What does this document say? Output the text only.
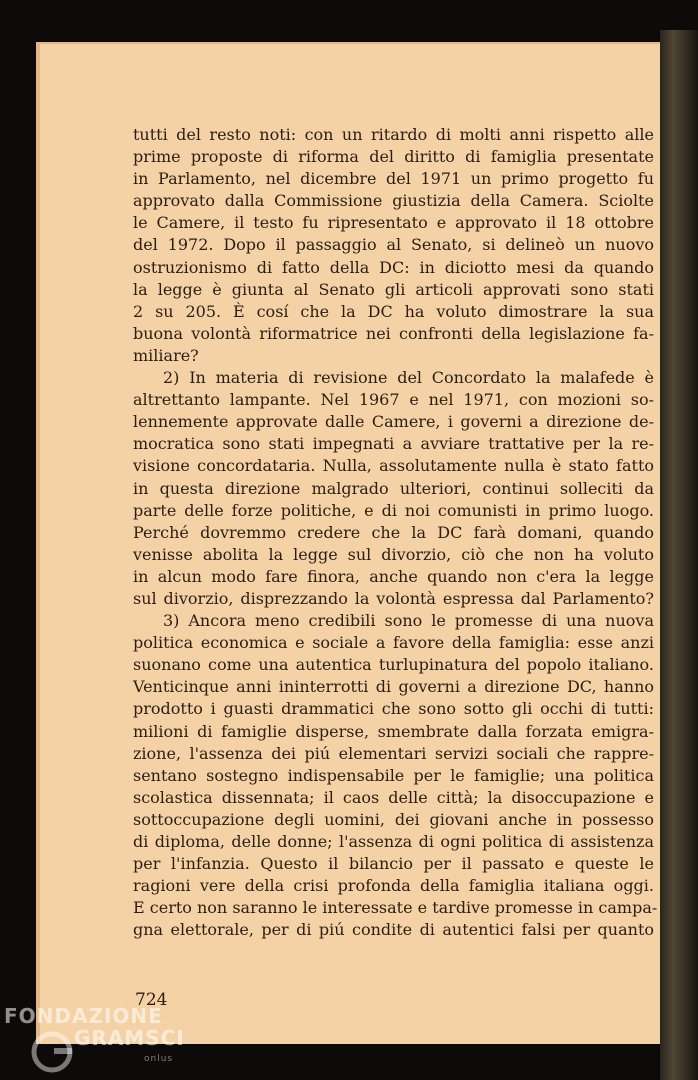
tutti del resto noti: con un ritardo di molti anni rispetto alle
prime proposte di riforma del diritto di famiglia presentate
in Parlamento, nel dicembre del 1971 un primo progetto fu
approvato dalla Commissione giustizia della Camera. Sciolte
le Camere, il testo fu ripresentato e approvato il 18 ottobre
del 1972. Dopo il passaggio al Senato, si delineò un nuovo
ostruzionismo di fatto della DC: in diciotto mesi da quando
la legge è giunta al Senato gli articoli approvati sono stati
2 su 205. È cosí che la DC ha voluto dimostrare la sua
buona volontà riformatrice nei confronti della legislazione fa-
miliare?

2) In materia di revisione del Concordato la malafede è
altrettanto lampante. Nel 1967 e nel 1971, con mozioni so-
lennemente approvate dalle Camere, i governi a direzione de-
mocratica sono stati impegnati a avviare trattative per la re-
visione concordataria. Nulla, assolutamente nulla è stato fatto
in questa direzione malgrado ulteriori, continui solleciti da
parte delle forze politiche, e di noi comunisti in primo luogo.
Perché dovremmo credere che la DC farà domani, quando
venisse abolita la legge sul divorzio, ciò che non ha voluto
in alcun modo fare finora, anche quando non c'era la legge
sul divorzio, disprezzando la volontà espressa dal Parlamento?

3) Ancora meno credibili sono le promesse di una nuova
politica economica e sociale a favore della famiglia: esse anzi
suonano come una autentica turlupinatura del popolo italiano.
Venticinque anni ininterrotti di governi a direzione DC, hanno
prodotto i guasti drammatici che sono sotto gli occhi di tutti:
milioni di famiglie disperse, smembrate dalla forzata emigra-
zione, l'assenza dei piú elementari servizi sociali che rappre-
sentano sostegno indispensabile per le famiglie; una politica
scolastica dissennata; il caos delle città; la disoccupazione e
sottoccupazione degli uomini, dei giovani anche in possesso
di diploma, delle donne; l'assenza di ogni politica di assistenza
per l'infanzia. Questo il bilancio per il passato e queste le
ragioni vere della crisi profonda della famiglia italiana oggi.
E certo non saranno le interessate e tardive promesse in campa-
gna elettorale, per di piú condite di autentici falsi per quanto

724
FONDAZIONE
GRAMSCI
onlus
